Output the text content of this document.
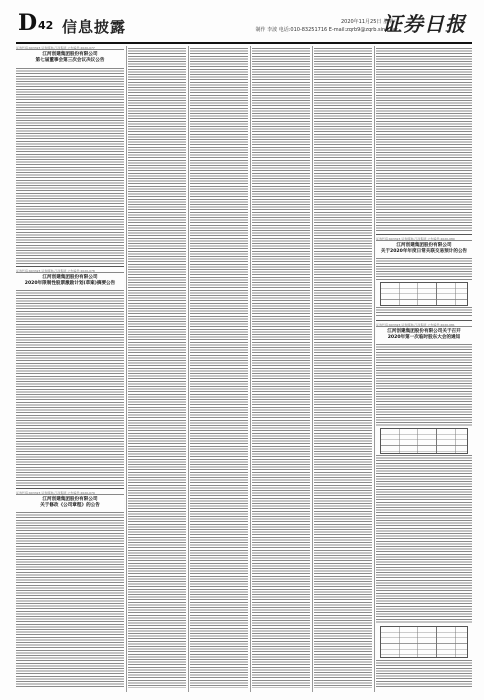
D 42 信息披露	2020年11月25日 星期三
制作 李波 电话:010-83251716 E-mail:zqrb9@zqrb.sina.net
证券日报
证券代码:603323 证券简称:江河集团 公告编号:2020-077
江河创建集团股份有限公司
第七届董事会第三次会议决议公告
证券代码:603323 证券简称:江河集团 公告编号:2020-078
江河创建集团股份有限公司
2020年限制性股票激励计划(草案)摘要公告
证券代码:603323 证券简称:江河集团 公告编号:2020-079
江河创建集团股份有限公司
关于修改《公司章程》的公告
证券代码:603323 证券简称:江河集团 公告编号:2020-080
江河创建集团股份有限公司
关于2020年年度日常关联交易预计的公告
证券代码:603323 证券简称:江河集团 公告编号:2020-081
江河创建集团股份有限公司关于召开
2020年第一次临时股东大会的通知
